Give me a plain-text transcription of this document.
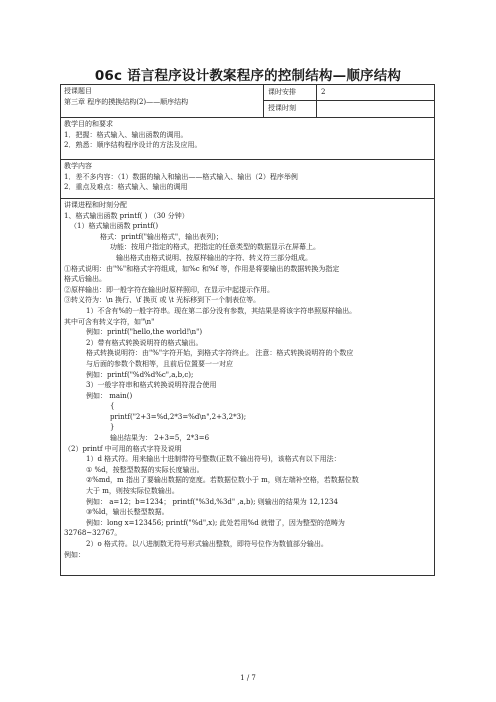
06c 语言程序设计教案程序的控制结构—顺序结构
授课题目
第三章 程序的摸换结构(2)——顺序结构
课时安排
授课时刻
2
教学目的和要求
1．把握：格式输入、输出函数的调用。
2．熟悉：顺序结构程序设计的方法及应用。
教学内容
1．差不多内容：（1）数据的输入和输出——格式输入、输出（2）程序举例
2．重点及难点：格式输入、输出的调用
讲课进程和时刻分配
1、格式输出函数 printf( ) （30 分钟）
（1）格式输出函数 printf()
格式：printf("输出格式"，输出表列)；
功能：按用户指定的格式，把指定的任意类型的数据显示在屏幕上。
输出格式由格式说明、按原样输出的字符、转义符三部分组成。
①格式说明：由"%"和格式字符组成，如%c 和%f 等，作用是将要输出的数据转换为指定
格式后输出。
②原样输出：即一般字符在输出时原样照印，在显示中起提示作用。
③转义符为：\n 换行、\f 换页 或 \t 光标移到下一个制表位等。
1）不含有%的一般字符串。现在第二部分没有参数，其结果是将该字符串照原样输出。
其中可含有转义字符，如"\n"
例如：printf("hello,the world!\n")
2）带有格式转换说明符的格式输出。
格式转换说明符：由"%"字符开始，到格式字符终止。 注意：格式转换说明符的个数应
与后面的参数个数相等，且前后位置要一一对应
例如：printf("%d%d%c",a,b,c);
3）一般字符串和格式转换说明符混合使用
例如： main()
{
printf("2+3=%d,2*3=%d\n",2+3,2*3);
}
输出结果为： 2+3=5，2*3=6
（2）printf 中可用的格式字符及说明
1）d 格式符。用来输出十进制带符号整数(正数不输出符号)，该格式有以下用法：
① %d，按整型数据的实际长度输出。
②%md，m 指出了要输出数据的宽度。若数据位数小于 m，则左端补空格，若数据位数
大于 m，则按实际位数输出。
例如： a=12；b=1234； printf("%3d,%3d" ,a,b); 则输出的结果为 12,1234
③%ld，输出长整型数据。
例如：long x=123456; printf("%d",x); 此处若用%d 就错了，因为整型的范畴为
32768~32767。
2）o 格式符。以八进制数无符号形式输出整数，即符号位作为数值部分输出。
例如：
1 / 7
